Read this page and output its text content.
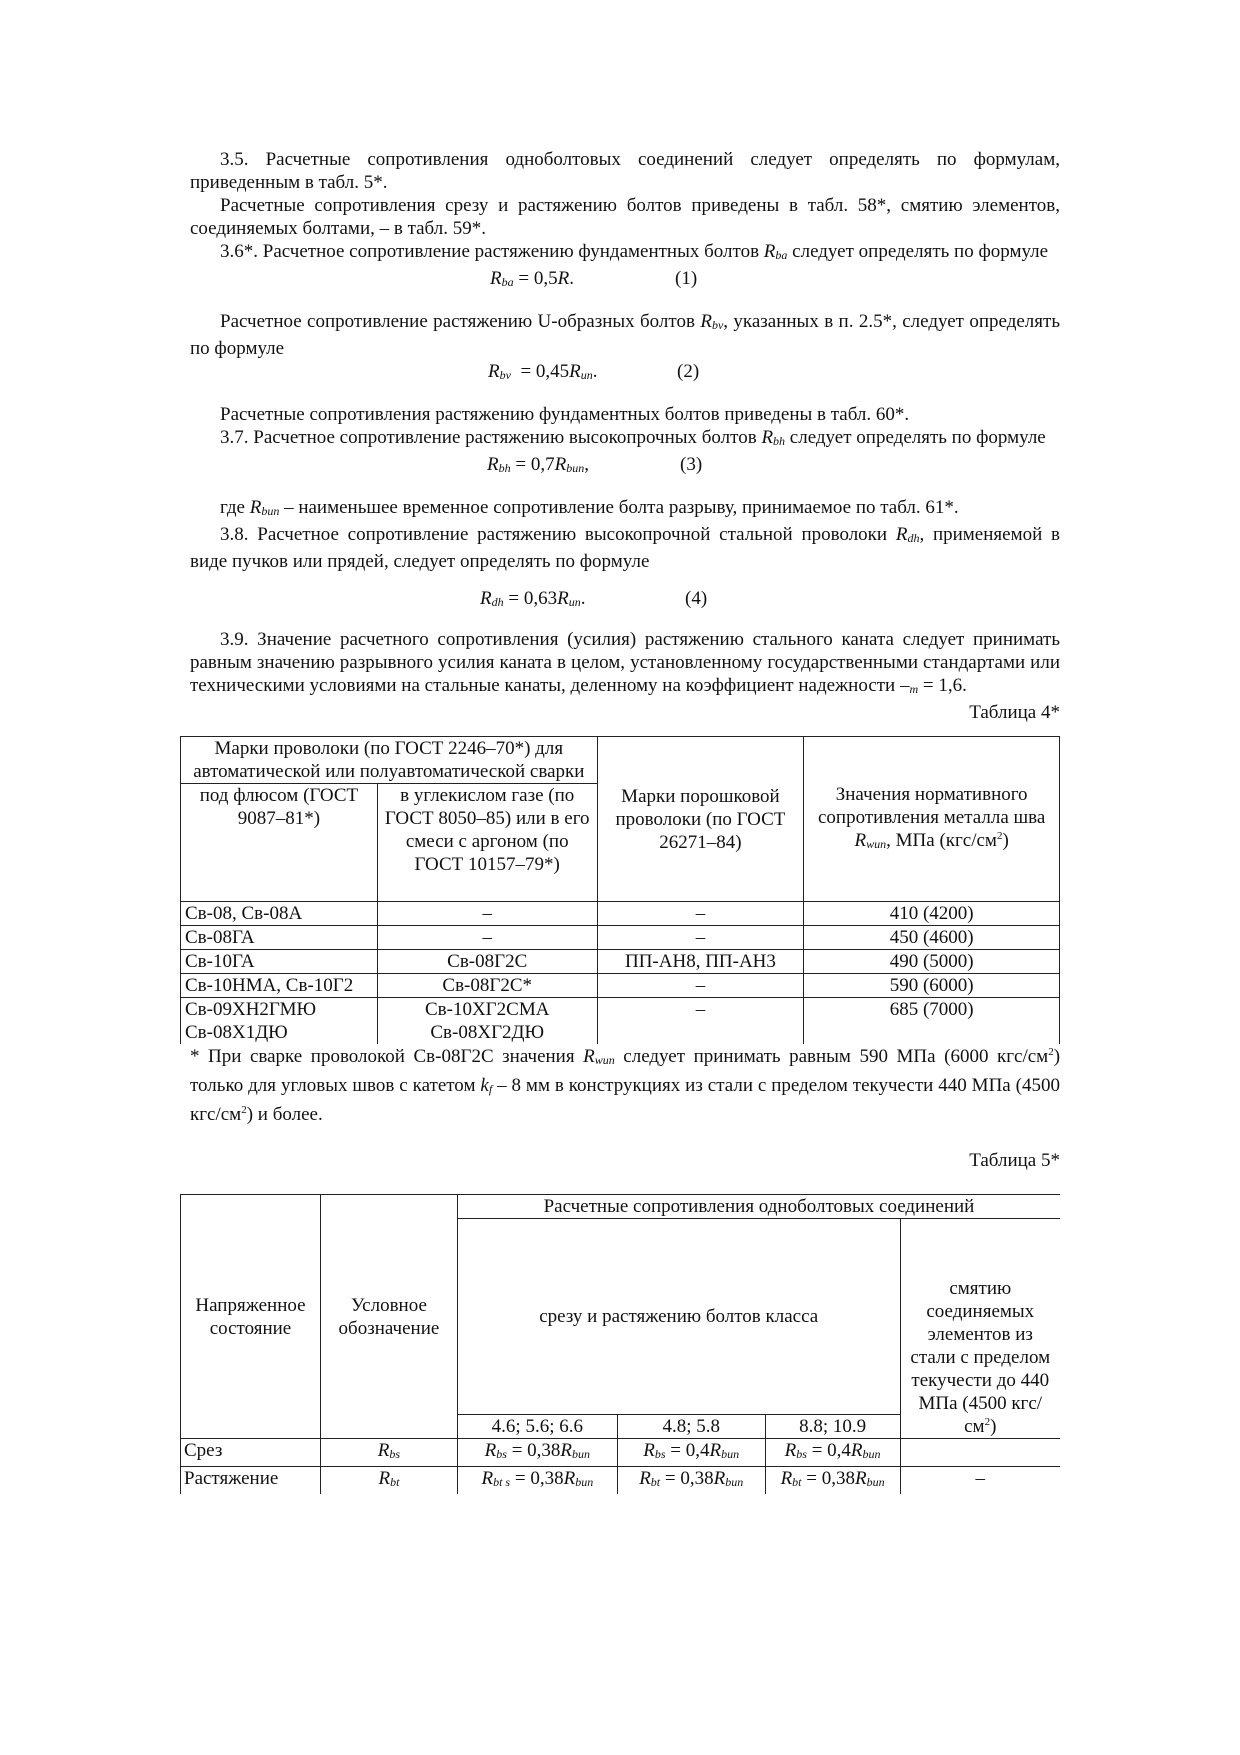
3.5. Расчетные сопротивления одноболтовых соединений следует определять по формулам, приведенным в табл. 5*.

Расчетные сопротивления срезу и растяжению болтов приведены в табл. 58*, смятию элементов, соединяемых болтами, – в табл. 59*.

3.6*. Расчетное сопротивление растяжению фундаментных болтов Rba следует определять по формуле

Rba = 0,5R.	(1)

Расчетное сопротивление растяжению U-образных болтов Rbv, указанных в п. 2.5*, следует определять по формуле

Rbv  = 0,45Run.	(2)

Расчетные сопротивления растяжению фундаментных болтов приведены в табл. 60*.

3.7. Расчетное сопротивление растяжению высокопрочных болтов Rbh следует определять по формуле

Rbh = 0,7Rbun,	(3)

где Rbun – наименьшее временное сопротивление болта разрыву, принимаемое по табл. 61*.

3.8. Расчетное сопротивление растяжению высокопрочной стальной проволоки Rdh, применяемой в виде пучков или прядей, следует определять по формуле

Rdh = 0,63Run.	(4)

3.9. Значение расчетного сопротивления (усилия) растяжению стального каната следует принимать равным значению разрывного усилия каната в целом, установленному государственными стандартами или техническими условиями на стальные канаты, деленному на коэффициент надежности –m = 1,6.

Таблица 4*

Марки проволоки (по ГОСТ 2246–70*) для автоматической или полуавтоматической сварки		Марки порошковой проволоки (по ГОСТ 26271–84)	Значения нормативного сопротивления металла шва
Rwun, МПа $(кгс/см^2)$
под флюсом (ГОСТ 9087–81*)	в углекислом газе (по ГОСТ 8050–85) или в его смеси с аргоном (по ГОСТ 10157–79*)		
Св-08, Св-08А	–	–	410 (4200)
Св-08ГА	–	–	450 (4600)
Св-10ГА	Св-08Г2С	ПП-АН8, ПП-АН3	490 (5000)
Св-10НМА, Св-10Г2	Св-08Г2С*	–	590 (6000)
Св-09ХН2ГМЮ Св-08Х1ДЮ	Св-10ХГ2СМА Св-08ХГ2ДЮ	–	685 (7000)

* При сварке проволокой Св-08Г2С значения Rwun следует принимать равным 590 МПа (6000 кгс/$см^2$) только для угловых швов с катетом kf – 8 мм в конструкциях из стали с пределом текучести 440 МПа (4500 кгс/$см^2$) и более.

Таблица 5*

Напряженное состояние	Условное обозначение	Расчетные сопротивления одноболтовых соединений			
		срезу и растяжению болтов класса			смятию соединяемых элементов из стали с пределом текучести до 440 МПа (4500 кгс/$см^2$)
		4.6; 5.6; 6.6	4.8; 5.8	8.8; 10.9	
Срез	Rbs	Rbs = 0,38Rbun	Rbs = 0,4Rbun	Rbs = 0,4Rbun	
Растяжение	Rbt	Rbt s = 0,38Rbun	Rbt = 0,38Rbun	Rbt = 0,38Rbun	–
